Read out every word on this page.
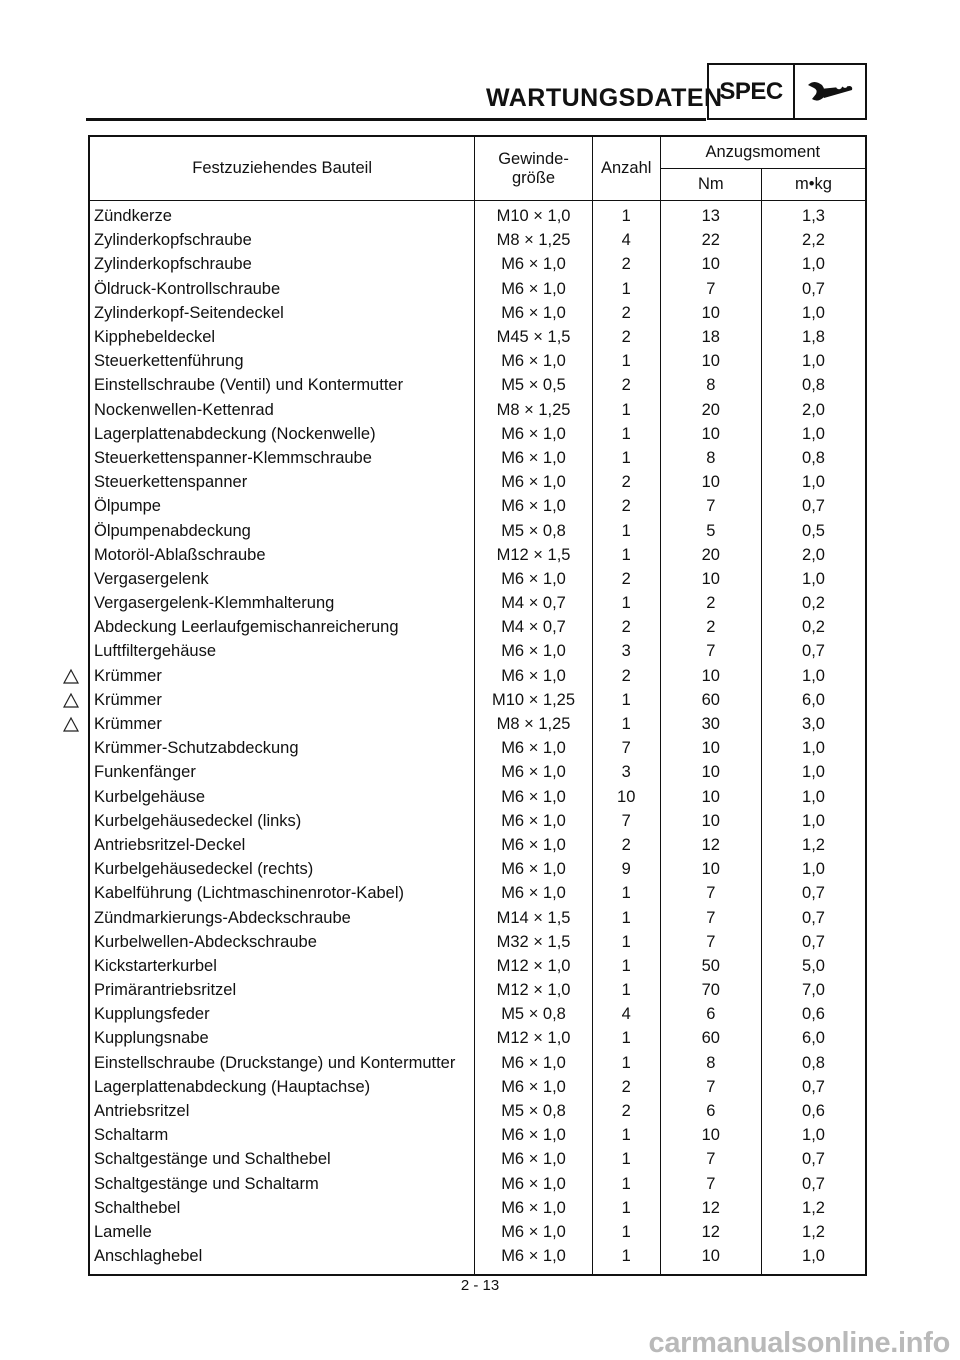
WARTUNGSDATEN
SPEC
Festzuziehendes Bauteil	Gewinde-
größe	Anzahl	Anzugsmoment	
			Nm	m•kg
Zündkerze	M10 × 1,0	1	13	1,3
Zylinderkopfschraube	M8 × 1,25	4	22	2,2
Zylinderkopfschraube	M6 × 1,0	2	10	1,0
Öldruck-Kontrollschraube	M6 × 1,0	1	7	0,7
Zylinderkopf-Seitendeckel	M6 × 1,0	2	10	1,0
Kipphebeldeckel	M45 × 1,5	2	18	1,8
Steuerkettenführung	M6 × 1,0	1	10	1,0
Einstellschraube (Ventil) und Kontermutter	M5 × 0,5	2	8	0,8
Nockenwellen-Kettenrad	M8 × 1,25	1	20	2,0
Lagerplattenabdeckung (Nockenwelle)	M6 × 1,0	1	10	1,0
Steuerkettenspanner-Klemmschraube	M6 × 1,0	1	8	0,8
Steuerkettenspanner	M6 × 1,0	2	10	1,0
Ölpumpe	M6 × 1,0	2	7	0,7
Ölpumpenabdeckung	M5 × 0,8	1	5	0,5
Motoröl-Ablaßschraube	M12 × 1,5	1	20	2,0
Vergasergelenk	M6 × 1,0	2	10	1,0
Vergasergelenk-Klemmhalterung	M4 × 0,7	1	2	0,2
Abdeckung Leerlaufgemischanreicherung	M4 × 0,7	2	2	0,2
Luftfiltergehäuse	M6 × 1,0	3	7	0,7
Krümmer	M6 × 1,0	2	10	1,0
Krümmer	M10 × 1,25	1	60	6,0
Krümmer	M8 × 1,25	1	30	3,0
Krümmer-Schutzabdeckung	M6 × 1,0	7	10	1,0
Funkenfänger	M6 × 1,0	3	10	1,0
Kurbelgehäuse	M6 × 1,0	10	10	1,0
Kurbelgehäusedeckel (links)	M6 × 1,0	7	10	1,0
Antriebsritzel-Deckel	M6 × 1,0	2	12	1,2
Kurbelgehäusedeckel (rechts)	M6 × 1,0	9	10	1,0
Kabelführung (Lichtmaschinenrotor-Kabel)	M6 × 1,0	1	7	0,7
Zündmarkierungs-Abdeckschraube	M14 × 1,5	1	7	0,7
Kurbelwellen-Abdeckschraube	M32 × 1,5	1	7	0,7
Kickstarterkurbel	M12 × 1,0	1	50	5,0
Primärantriebsritzel	M12 × 1,0	1	70	7,0
Kupplungsfeder	M5 × 0,8	4	6	0,6
Kupplungsnabe	M12 × 1,0	1	60	6,0
Einstellschraube (Druckstange) und Kontermutter	M6 × 1,0	1	8	0,8
Lagerplattenabdeckung (Hauptachse)	M6 × 1,0	2	7	0,7
Antriebsritzel	M5 × 0,8	2	6	0,6
Schaltarm	M6 × 1,0	1	10	1,0
Schaltgestänge und Schalthebel	M6 × 1,0	1	7	0,7
Schaltgestänge und Schaltarm	M6 × 1,0	1	7	0,7
Schalthebel	M6 × 1,0	1	12	1,2
Lamelle	M6 × 1,0	1	12	1,2
Anschlaghebel	M6 × 1,0	1	10	1,0
2 - 13
carmanualsonline.info
